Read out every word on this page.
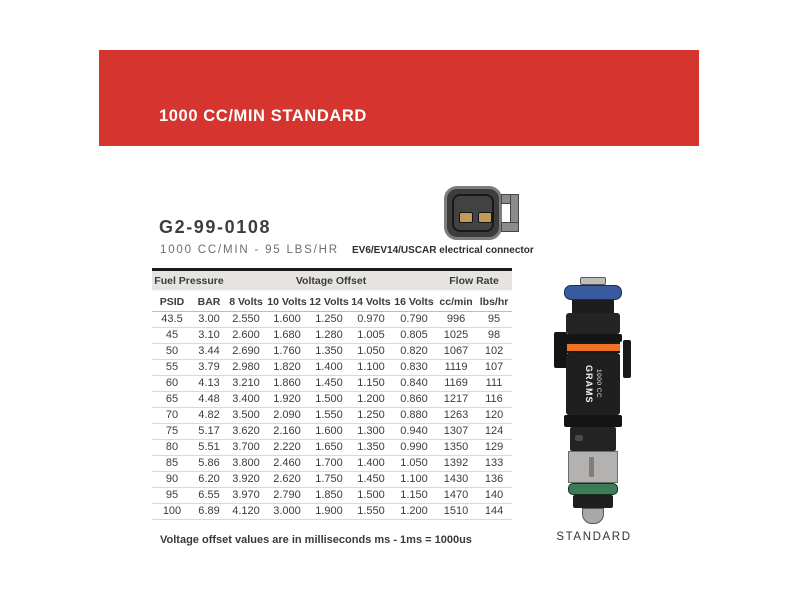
1000 CC/MIN STANDARD
G2-99-0108
1000 CC/MIN - 95 LBS/HR EV6/EV14/USCAR electrical connector
Fuel Pressure		Voltage Offset					Flow Rate	
PSID	BAR	8 Volts	10 Volts	12 Volts	14 Volts	16 Volts	cc/min	lbs/hr
43.5	3.00	2.550	1.600	1.250	0.970	0.790	996	95
45	3.10	2.600	1.680	1.280	1.005	0.805	1025	98
50	3.44	2.690	1.760	1.350	1.050	0.820	1067	102
55	3.79	2.980	1.820	1.400	1.100	0.830	1119	107
60	4.13	3.210	1.860	1.450	1.150	0.840	1169	111
65	4.48	3.400	1.920	1.500	1.200	0.860	1217	116
70	4.82	3.500	2.090	1.550	1.250	0.880	1263	120
75	5.17	3.620	2.160	1.600	1.300	0.940	1307	124
80	5.51	3.700	2.220	1.650	1.350	0.990	1350	129
85	5.86	3.800	2.460	1.700	1.400	1.050	1392	133
90	6.20	3.920	2.620	1.750	1.450	1.100	1430	136
95	6.55	3.970	2.790	1.850	1.500	1.150	1470	140
100	6.89	4.120	3.000	1.900	1.550	1.200	1510	144
Voltage offset values are in milliseconds ms - 1ms = 1000us
GRAMS 1000 CC
STANDARD
